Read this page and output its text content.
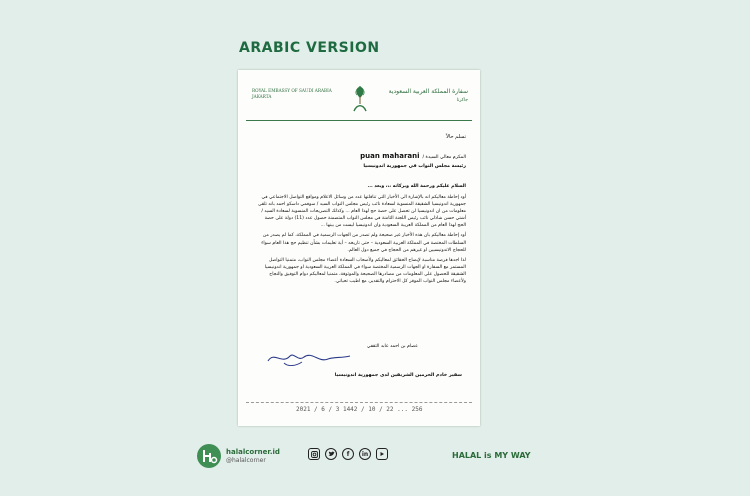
ARABIC VERSION
ROYAL EMBASSY OF SAUDI ARABIA
JAKARTA
سفارة المملكة العربية السعودية
جاكرتا
تسلم حالاً
المكرم معالي السيدة /
puan maharani
رئيسة مجلس النواب في جمهورية اندونيسيا
السلام عليكم ورحمة الله وبركاته ،،، وبعد ...

أود إحاطة معاليكم انه بالإشارة الى الأخبار التي تناقلتها عدد من وسائل الاعلام ومواقع التواصل الاجتماعي في جمهورية اندونيسيا الشقيقة المنسوبة لسعادة نائب رئيس مجلس النواب السيد / سوفمي داسكو احمد بانه تلقى معلومات من ان اندونيسيا لن تحصل على حصة حج لهذا العام ... وكذلك التصريحات المنسوبة لسعادة السيد / أشتي حسن شاذلي نائب رئيس اللجنة الثامنة في مجلس النواب المتضمنة حصول عدد (11) دولة على حصة الحج لهذا العام من المملكة العربية السعودية وان اندونيسيا ليست من بينها ...

أود إحاطة معاليكم بان هذه الأخبار غير صحيحة ولم تصدر من الجهات الرسمية في المملكة، كما لم يصدر من السلطات المختصة في المملكة العربية السعودية – حتى تاريخه – أية تعليمات بشأن تنظيم حج هذا العام سواء للحجاج الاندونيسيين او غيرهم من الحجاج في جميع دول العالم.

لذا اجدها فرصة مناسبة لإيضاح الحقائق لمعاليكم ولأصحاب السعادة أعضاء مجلس النواب، متمنيا التواصل المستمر مع السفارة او الجهات الرسمية المختصة سواء في المملكة العربية السعودية او جمهورية اندونيسيا الشقيقة للحصول على المعلومات من مصادرها الصحيحة والموثوقة، متمنيا لمعاليكم دوام التوفيق والنجاح ولأعضاء مجلس النواب الموقر كل الاحترام والتقدير، مع اطيب تحياتي.

عصام بن احمد عابد الثقفي
سفير خادم الحرمين الشريفين لدى جمهورية اندونيسيا
2021 / 6 / 3 1442 / 10 / 22 ... 256
halalcorner.id
@halalcorner
f	in	HALAL is MY WAY
